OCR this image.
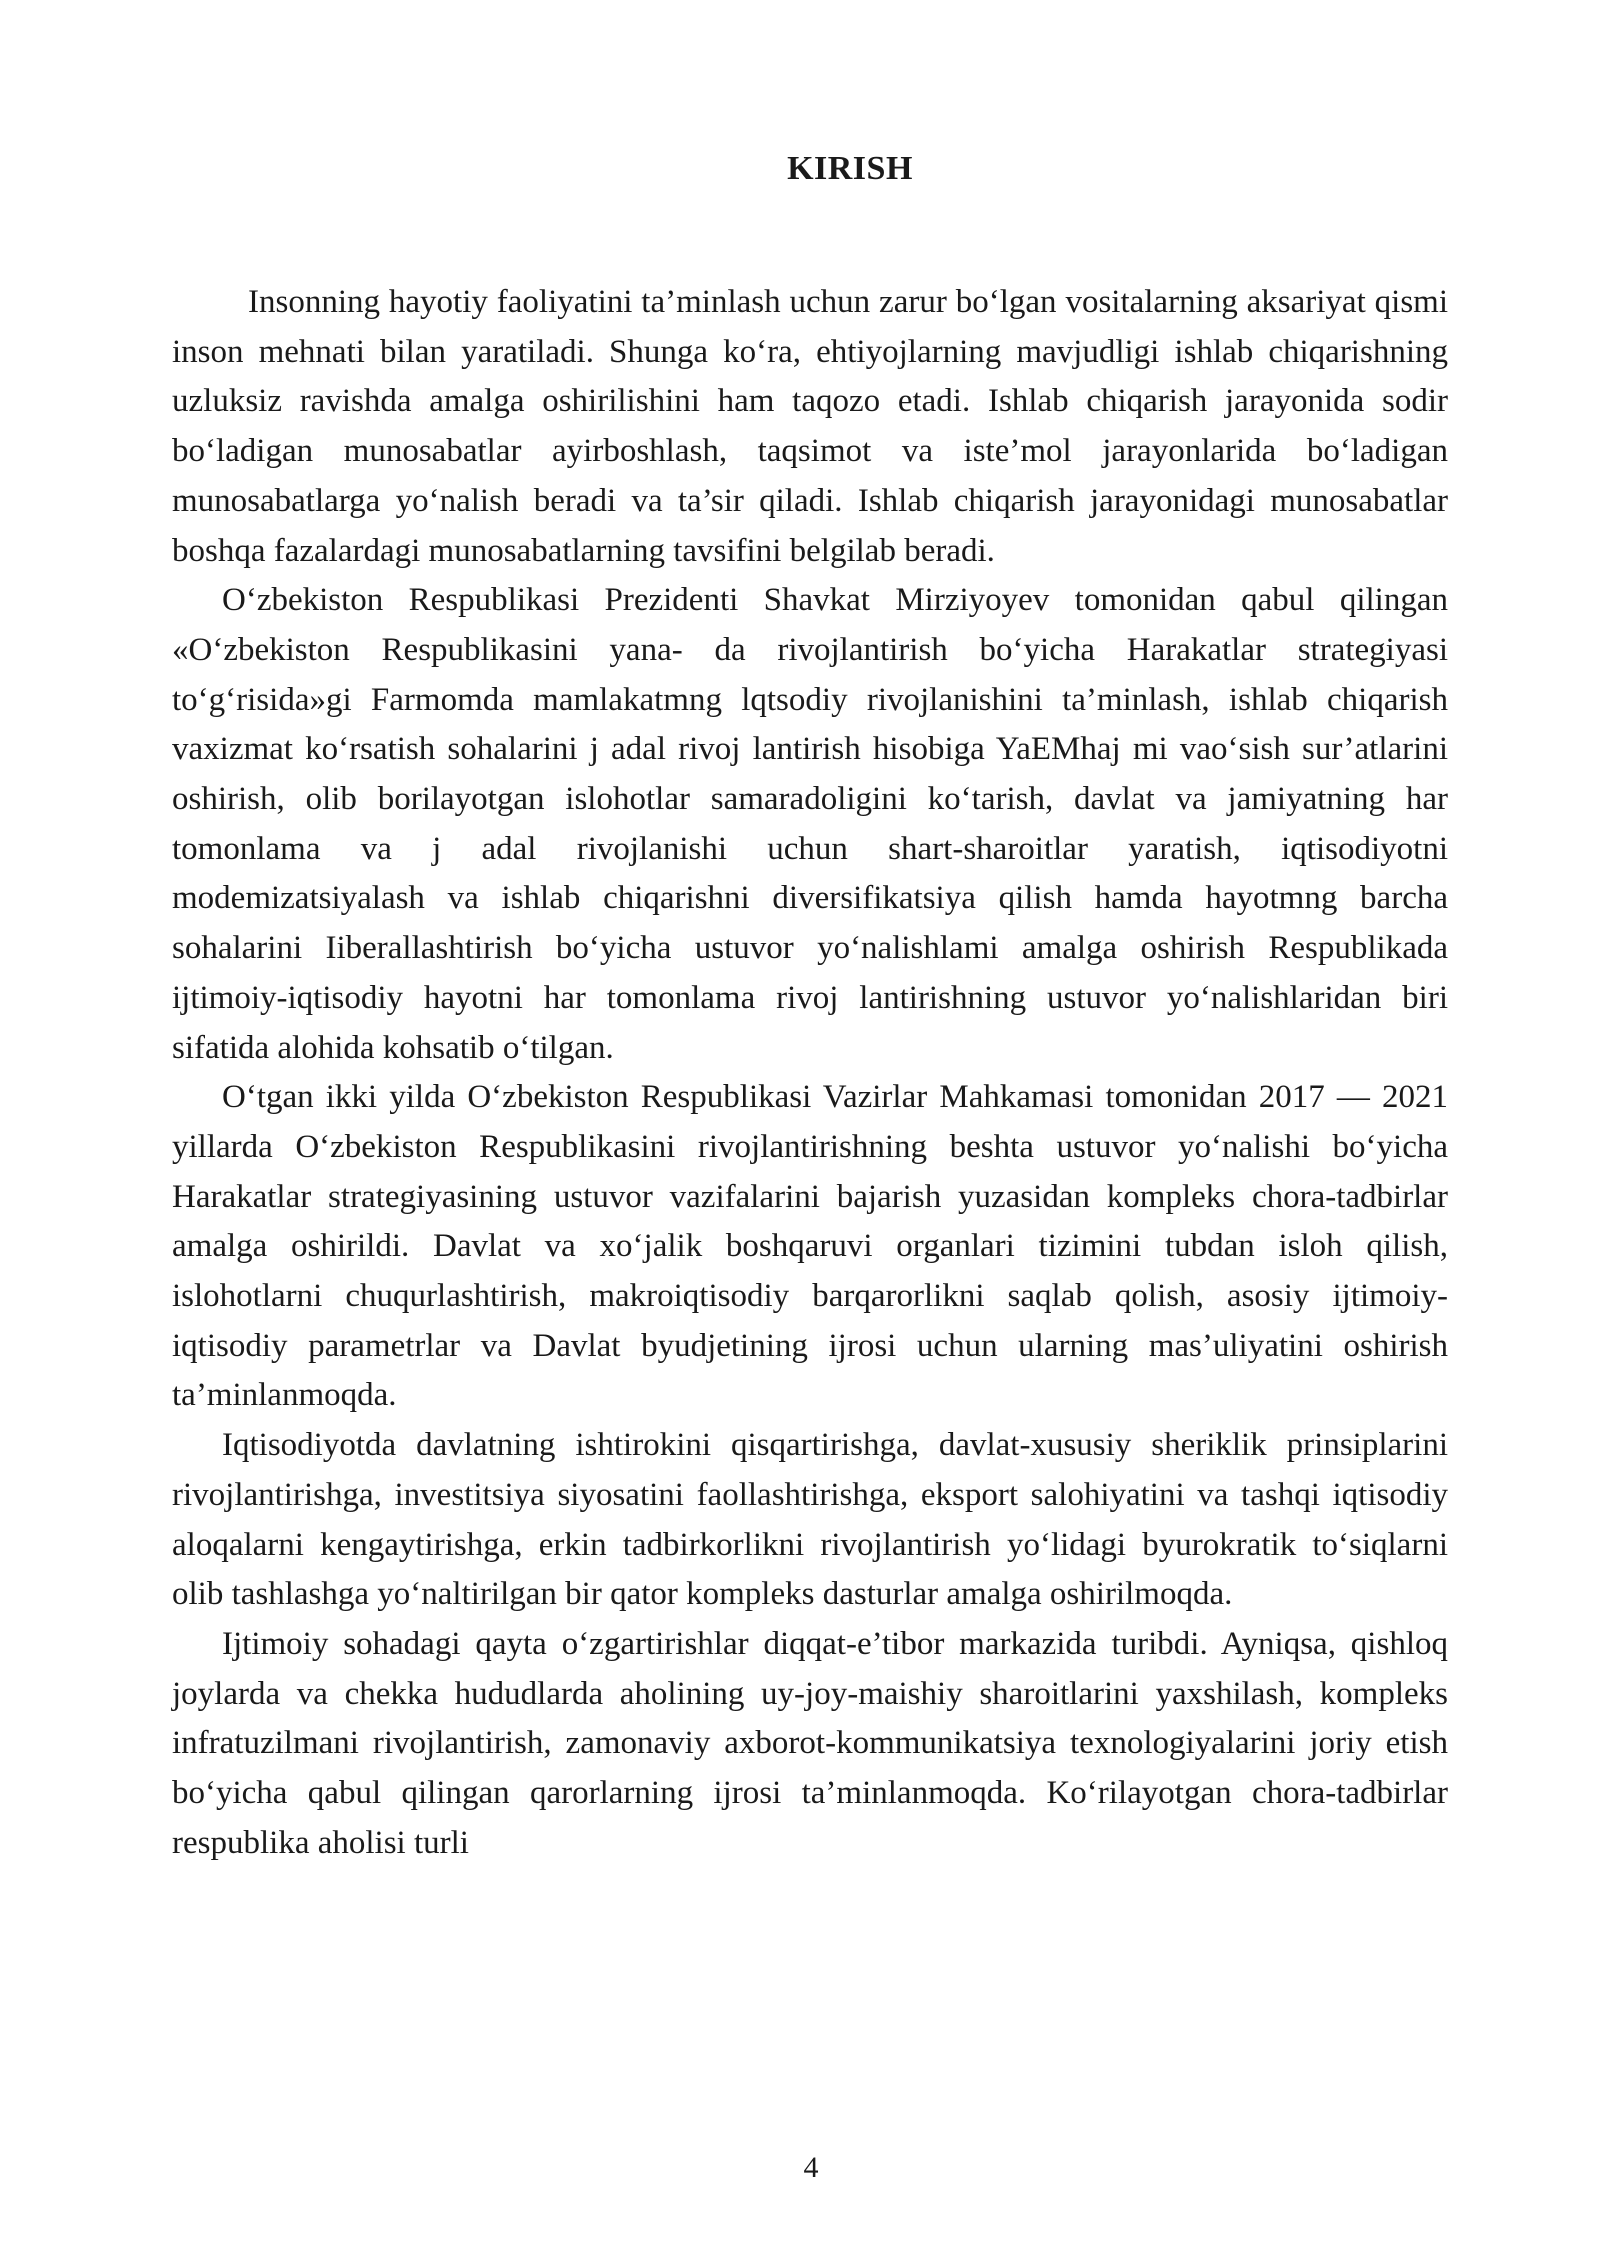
KIRISH

Insonning hayotiy faoliyatini ta’minlash uchun zarur bo‘lgan vositalarning aksariyat qismi inson mehnati bilan yaratiladi. Shunga ko‘ra, ehtiyojlarning mavjudligi ishlab chiqarishning uzluksiz ravishda amalga oshirilishini ham taqozo etadi. Ishlab chiqarish jarayonida sodir bo‘ladigan munosabatlar ayirboshlash, taqsimot va iste’mol jarayonlarida bo‘ladigan munosabatlarga yo‘nalish beradi va ta’sir qiladi. Ishlab chiqarish jarayonidagi munosabatlar boshqa fazalardagi munosabatlarning tavsifini belgilab beradi.

O‘zbekiston Respublikasi Prezidenti Shavkat Mirziyoyev tomonidan qabul qilingan «O‘zbekiston Respublikasini yana- da rivojlantirish bo‘yicha Harakatlar strategiyasi to‘g‘risida»gi Farmomda mamlakatmng lqtsodiy rivojlanishini ta’minlash, ishlab chiqarish vaxizmat ko‘rsatish sohalarini j adal rivoj lantirish hisobiga YaEMhaj mi vao‘sish sur’atlarini oshirish, olib borilayotgan islohotlar samaradoligini ko‘tarish, davlat va jamiyatning har tomonlama va j adal rivojlanishi uchun shart-sharoitlar yaratish, iqtisodiyotni modemizatsiyalash va ishlab chiqarishni diversifikatsiya qilish hamda hayotmng barcha sohalarini Iiberallashtirish bo‘yicha ustuvor yo‘nalishlami amalga oshirish Respublikada ijtimoiy-iqtisodiy hayotni har tomonlama rivoj lantirishning ustuvor yo‘nalishlaridan biri sifatida alohida kohsatib o‘tilgan.

O‘tgan ikki yilda O‘zbekiston Respublikasi Vazirlar Mahkamasi tomonidan 2017 — 2021 yillarda O‘zbekiston Respublikasini rivojlantirishning beshta ustuvor yo‘nalishi bo‘yicha Harakatlar strategiyasining ustuvor vazifalarini bajarish yuzasidan kompleks chora-tadbirlar amalga oshirildi. Davlat va xo‘jalik boshqaruvi organlari tizimini tubdan isloh qilish, islohotlarni chuqurlashtirish, makroiqtisodiy barqarorlikni saqlab qolish, asosiy ijtimoiy-iqtisodiy parametrlar va Davlat byudjetining ijrosi uchun ularning mas’uliyatini oshirish ta’minlanmoqda.

Iqtisodiyotda davlatning ishtirokini qisqartirishga, davlat-xususiy sheriklik prinsiplarini rivojlantirishga, investitsiya siyosatini faollashtirishga, eksport salohiyatini va tashqi iqtisodiy aloqalarni kengaytirishga, erkin tadbirkorlikni rivojlantirish yo‘lidagi byurokratik to‘siqlarni olib tashlashga yo‘naltirilgan bir qator kompleks dasturlar amalga oshirilmoqda.

Ijtimoiy sohadagi qayta o‘zgartirishlar diqqat-e’tibor markazida turibdi. Ayniqsa, qishloq joylarda va chekka hududlarda aholining uy-joy-maishiy sharoitlarini yaxshilash, kompleks infratuzilmani rivojlantirish, zamonaviy axborot-kommunikatsiya texnologiyalarini joriy etish bo‘yicha qabul qilingan qarorlarning ijrosi ta’minlanmoqda. Ko‘rilayotgan chora-tadbirlar respublika aholisi turli

4
